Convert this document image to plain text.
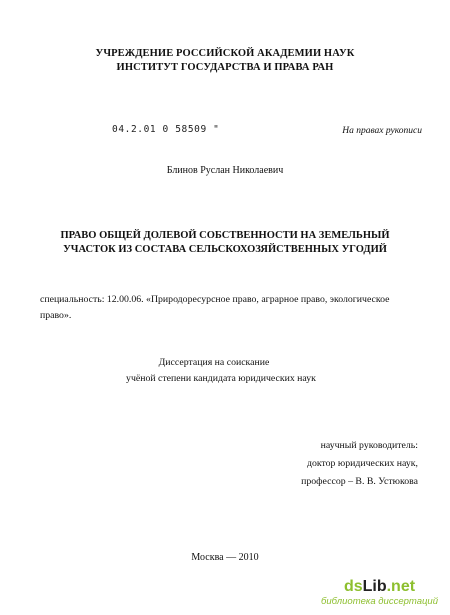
УЧРЕЖДЕНИЕ РОССИЙСКОЙ АКАДЕМИИ НАУК
ИНСТИТУТ ГОСУДАРСТВА И ПРАВА РАН
04.2.01 0 58509 "	На правах рукописи
Блинов Руслан Николаевич
ПРАВО ОБЩЕЙ ДОЛЕВОЙ СОБСТВЕННОСТИ НА ЗЕМЕЛЬНЫЙ
УЧАСТОК ИЗ СОСТАВА СЕЛЬСКОХОЗЯЙСТВЕННЫХ УГОДИЙ
специальность: 12.00.06. «Природоресурсное право, аграрное право, экологическое право».
Диссертация на соискание
учёной степени кандидата юридических наук
научный руководитель:
доктор юридических наук,
профессор – В. В. Устюкова
Москва — 2010
ds Lib .net
библиотека диссертаций
